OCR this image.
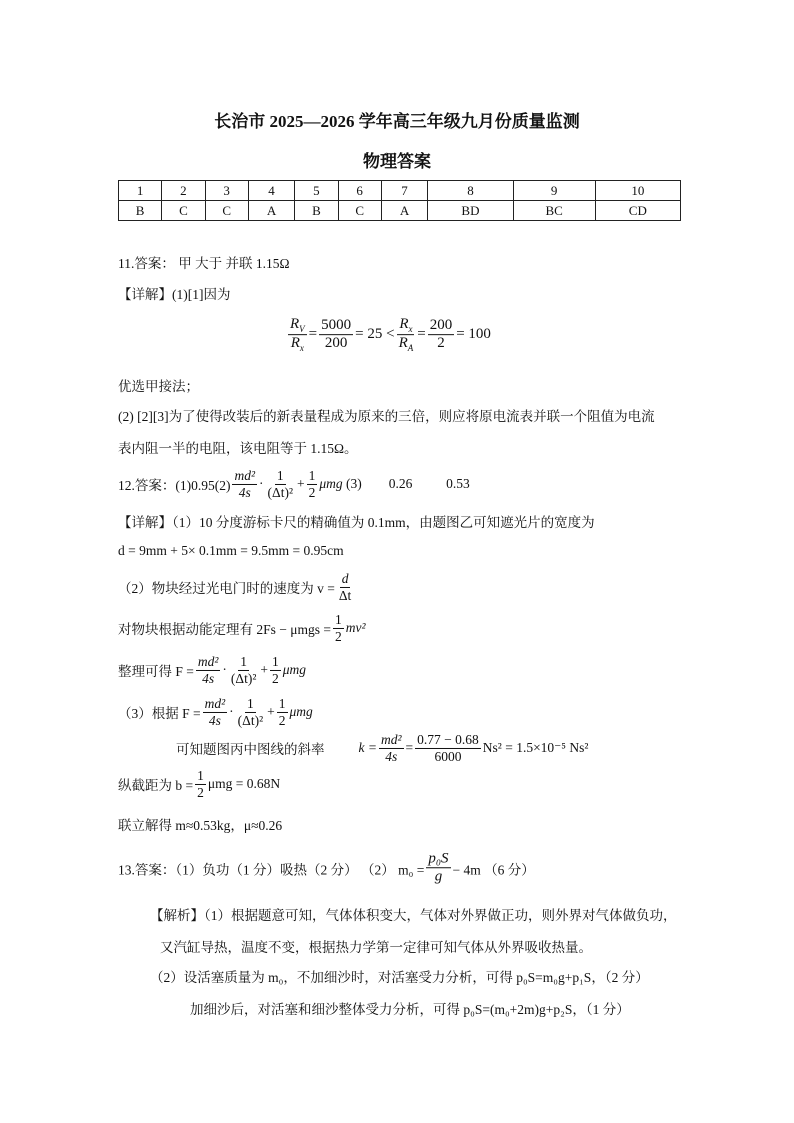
长治市 2025—2026 学年高三年级九月份质量监测
物理答案
1	2	3	4	5	6	7	8	9	10
B	C	C	A	B	C	A	BD	BC	CD
11.答案： 甲 大于 并联 1.15Ω
【详解】(1)[1]因为
$\frac{R_V}{R_x} = \frac{5000}{200} = 25 < \frac{R_x}{R_A} = \frac{200}{2} = 100$
优选甲接法；
(2) [2][3]为了使得改装后的新表量程成为原来的三倍，则应将原电流表并联一个阻值为电流
表内阻一半的电阻，该电阻等于 1.15Ω。
12.答案：$(1)0.95(2) \frac{\text{md²}}{4s} \cdot \frac{1}{\text{(Δt)²}} + \frac{1}{2}$ μmg
(3)        0.26          0.53
【详解】（1）10 分度游标卡尺的精确值为 0.1mm，由题图乙可知遮光片的宽度为
d = 9mm + 5× 0.1mm = 9.5mm = 0.95cm
（2）物块经过光电门时的速度为 $v = \frac{d}{\Delta t}$
对物块根据动能定理有 $2Fs - \mu mgs = \frac{1}{2} mv^2$
整理可得 $F = \frac{\text{md²}}{4s} \cdot \frac{1}{\text{(Δt)²}} + \frac{1}{2}$ μmg
（3）根据 $F = \frac{\text{md²}}{4s} \cdot \frac{1}{\text{(Δt)²}} + \frac{1}{2}$ μmg
可知题图丙中图线的斜率	$k = \frac{\text{md²}}{4s} = \frac{0.77 - 0.68}{6000} Ns^2 = 1.5\times 10^{-5}$ Ns²
纵截距为 $b = \frac{1}{2}$ μmg = 0.68N
联立解得 m≈0.53kg，μ≈0.26
13.答案：（1）负功（1 分）吸热（2 分） （2） $m_0 = \frac{\text{p₀S}}{g} - 4m$ （6 分）
【解析】（1）根据题意可知，气体体积变大，气体对外界做正功，则外界对气体做负功，
又汽缸导热，温度不变，根据热力学第一定律可知气体从外界吸收热量。
（2）设活塞质量为 m₀，不加细沙时，对活塞受力分析，可得 p₀S=m₀g+p₁S，（2 分）
加细沙后，对活塞和细沙整体受力分析，可得 p₀S=(m₀+2m)g+p₂S，（1 分）
